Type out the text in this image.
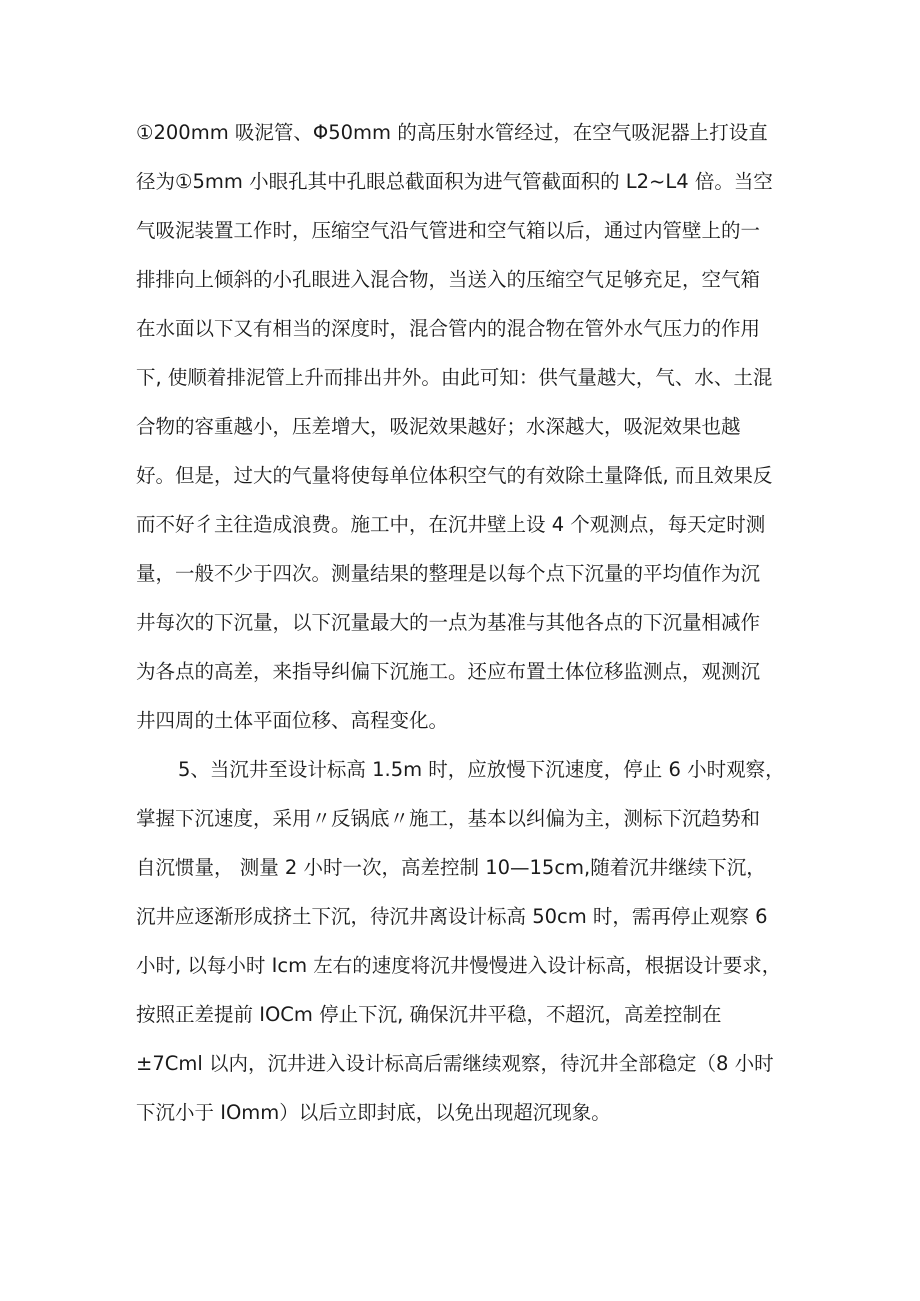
①200mm 吸泥管、Φ50mm 的高压射水管经过，在空气吸泥器上打设直
径为①5mm 小眼孔其中孔眼总截面积为进气管截面积的 L2~L4 倍。当空
气吸泥装置工作时，压缩空气沿气管进和空气箱以后，通过内管壁上的一
排排向上倾斜的小孔眼进入混合物，当送入的压缩空气足够充足，空气箱
在水面以下又有相当的深度时，混合管内的混合物在管外水气压力的作用
下, 使顺着排泥管上升而排出井外。由此可知：供气量越大，气、水、土混
合物的容重越小，压差增大，吸泥效果越好；水深越大，吸泥效果也越
好。但是，过大的气量将使每单位体积空气的有效除土量降低, 而且效果反
而不好彳主往造成浪费。施工中，在沉井壁上设 4 个观测点，每天定时测
量，一般不少于四次。测量结果的整理是以每个点下沉量的平均值作为沉
井每次的下沉量，以下沉量最大的一点为基准与其他各点的下沉量相减作
为各点的高差，来指导纠偏下沉施工。还应布置土体位移监测点，观测沉
井四周的土体平面位移、高程变化。
5、当沉井至设计标高 1.5m 时，应放慢下沉速度，停止 6 小时观察，
掌握下沉速度，采用〃反锅底〃施工，基本以纠偏为主，测标下沉趋势和
自沉惯量， 测量 2 小时一次，高差控制 10—15cm,随着沉井继续下沉，
沉井应逐渐形成挤土下沉，待沉井离设计标高 50cm 时，需再停止观察 6
小时, 以每小时 Icm 左右的速度将沉井慢慢进入设计标高，根据设计要求，
按照正差提前 IOCm 停止下沉, 确保沉井平稳，不超沉，高差控制在
±7Cml 以内，沉井进入设计标高后需继续观察，待沉井全部稳定（8 小时
下沉小于 IOmm）以后立即封底，以免出现超沉现象。
